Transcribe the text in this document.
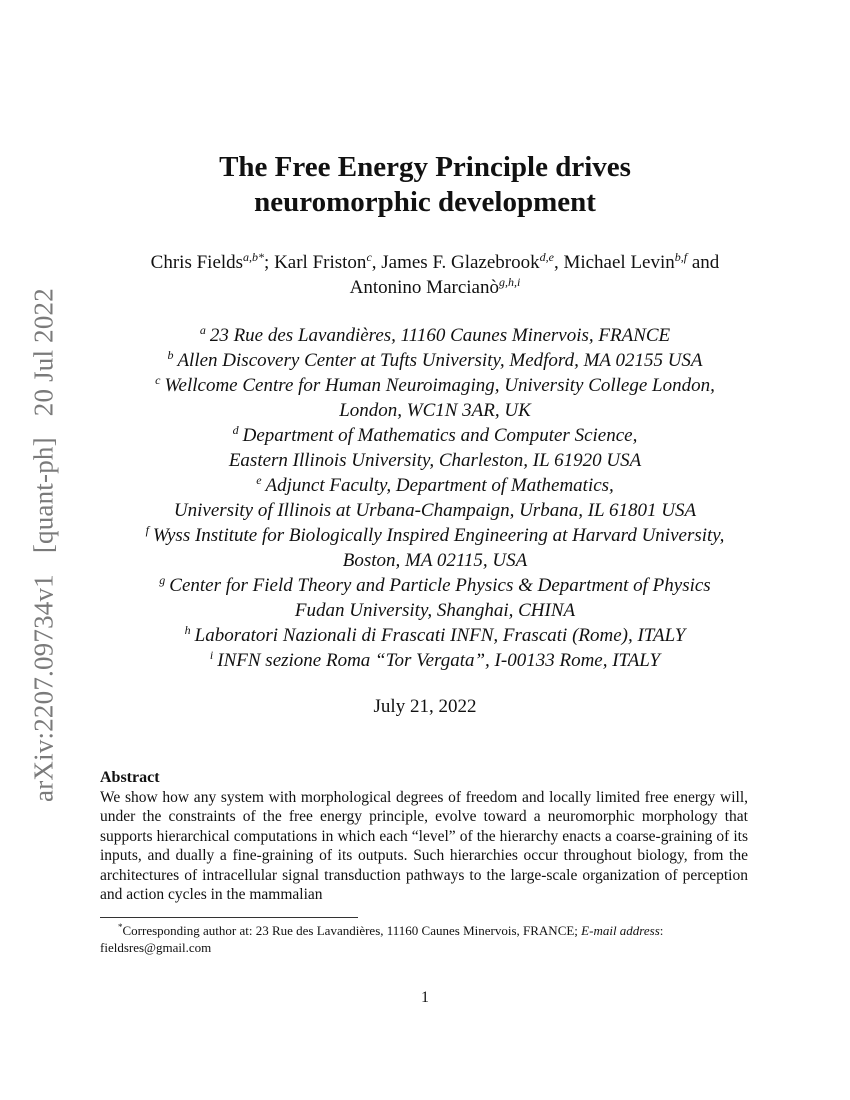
arXiv:2207.09734v1 [quant-ph] 20 Jul 2022
The Free Energy Principle drives
neuromorphic development
Chris Fields$^{a,b*}$; Karl Friston$^c$, James F. Glazebrook$^{d,e}$, Michael Levin$^{b,f}$ and
Antonino Marcianò$^{g,h,i}$
$^a$ 23 Rue des Lavandières, 11160 Caunes Minervois, FRANCE
$^b$ Allen Discovery Center at Tufts University, Medford, MA 02155 USA
$^c$ Wellcome Centre for Human Neuroimaging, University College London,
London, WC1N 3AR, UK
$^d$ Department of Mathematics and Computer Science,
Eastern Illinois University, Charleston, IL 61920 USA
$^e$ Adjunct Faculty, Department of Mathematics,
University of Illinois at Urbana-Champaign, Urbana, IL 61801 USA
$^f$ Wyss Institute for Biologically Inspired Engineering at Harvard University,
Boston, MA 02115, USA
$^g$ Center for Field Theory and Particle Physics & Department of Physics
Fudan University, Shanghai, CHINA
$^h$ Laboratori Nazionali di Frascati INFN, Frascati (Rome), ITALY
$^i$ INFN sezione Roma “Tor Vergata”, I-00133 Rome, ITALY
July 21, 2022

Abstract

We show how any system with morphological degrees of freedom and locally limited free energy will, under the constraints of the free energy principle, evolve toward a neuromorphic morphology that supports hierarchical computations in which each “level” of the hierarchy enacts a coarse-graining of its inputs, and dually a fine-graining of its outputs. Such hierarchies occur throughout biology, from the architectures of intracellular signal transduction pathways to the large-scale organization of perception and action cycles in the mammalian

*Corresponding author at: 23 Rue des Lavandières, 11160 Caunes Minervois, FRANCE; E-mail address: fieldsres@gmail.com
1
